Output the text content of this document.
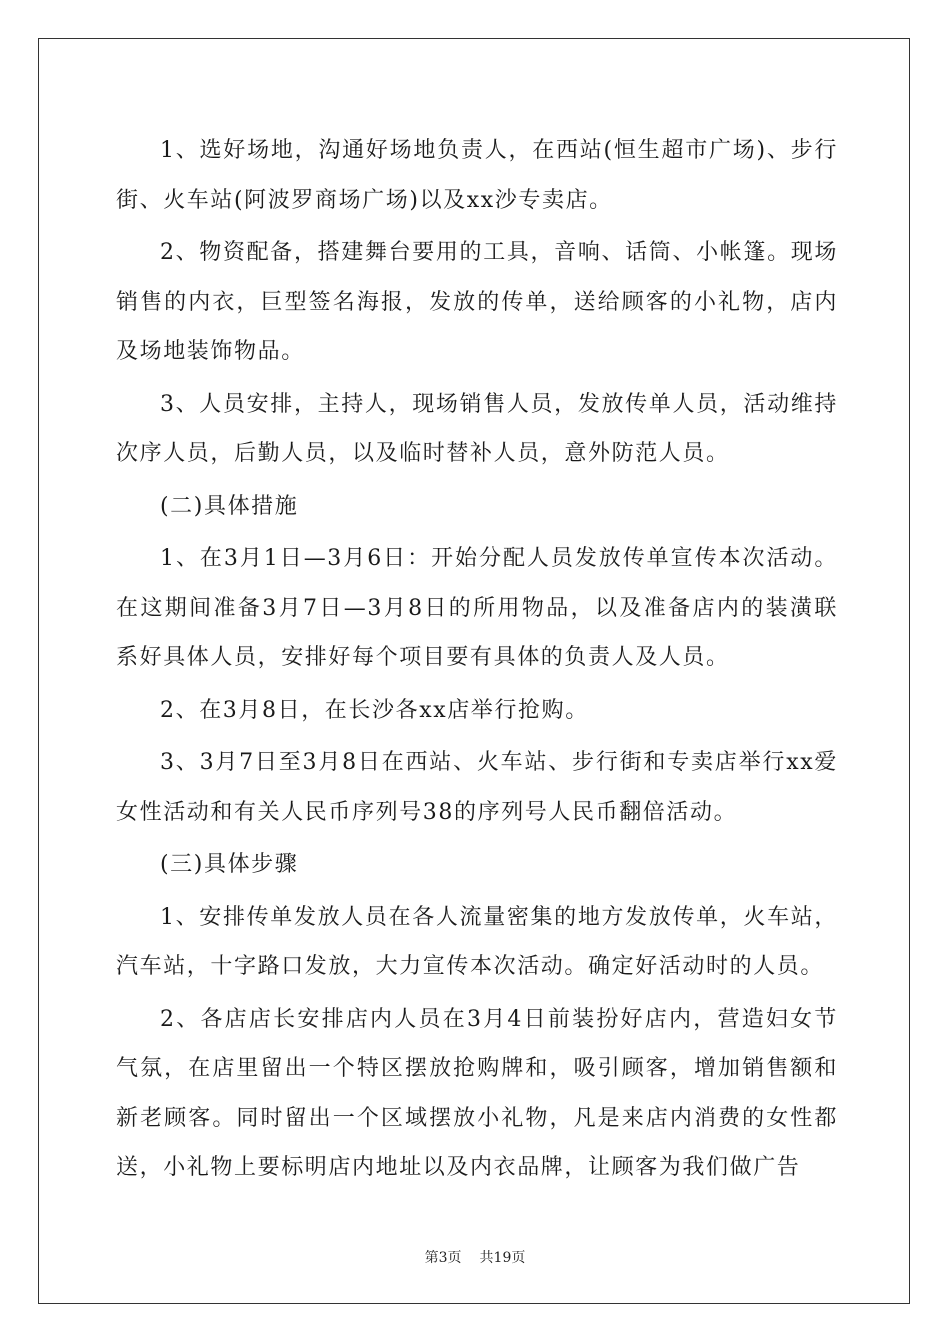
1、选好场地，沟通好场地负责人，在西站(恒生超市广场)、步行街、火车站(阿波罗商场广场)以及xx沙专卖店。

2、物资配备，搭建舞台要用的工具，音响、话筒、小帐篷。现场销售的内衣，巨型签名海报，发放的传单，送给顾客的小礼物，店内及场地装饰物品。

3、人员安排，主持人，现场销售人员，发放传单人员，活动维持次序人员，后勤人员，以及临时替补人员，意外防范人员。

(二)具体措施

1、在3月1日—3月6日：开始分配人员发放传单宣传本次活动。在这期间准备3月7日—3月8日的所用物品，以及准备店内的装潢联系好具体人员，安排好每个项目要有具体的负责人及人员。

2、在3月8日，在长沙各xx店举行抢购。

3、3月7日至3月8日在西站、火车站、步行街和专卖店举行xx爱女性活动和有关人民币序列号38的序列号人民币翻倍活动。

(三)具体步骤

1、安排传单发放人员在各人流量密集的地方发放传单，火车站，汽车站，十字路口发放，大力宣传本次活动。确定好活动时的人员。

2、各店店长安排店内人员在3月4日前装扮好店内，营造妇女节气氛，在店里留出一个特区摆放抢购牌和，吸引顾客，增加销售额和新老顾客。同时留出一个区域摆放小礼物，凡是来店内消费的女性都送，小礼物上要标明店内地址以及内衣品牌，让顾客为我们做广告

第3页 共19页
